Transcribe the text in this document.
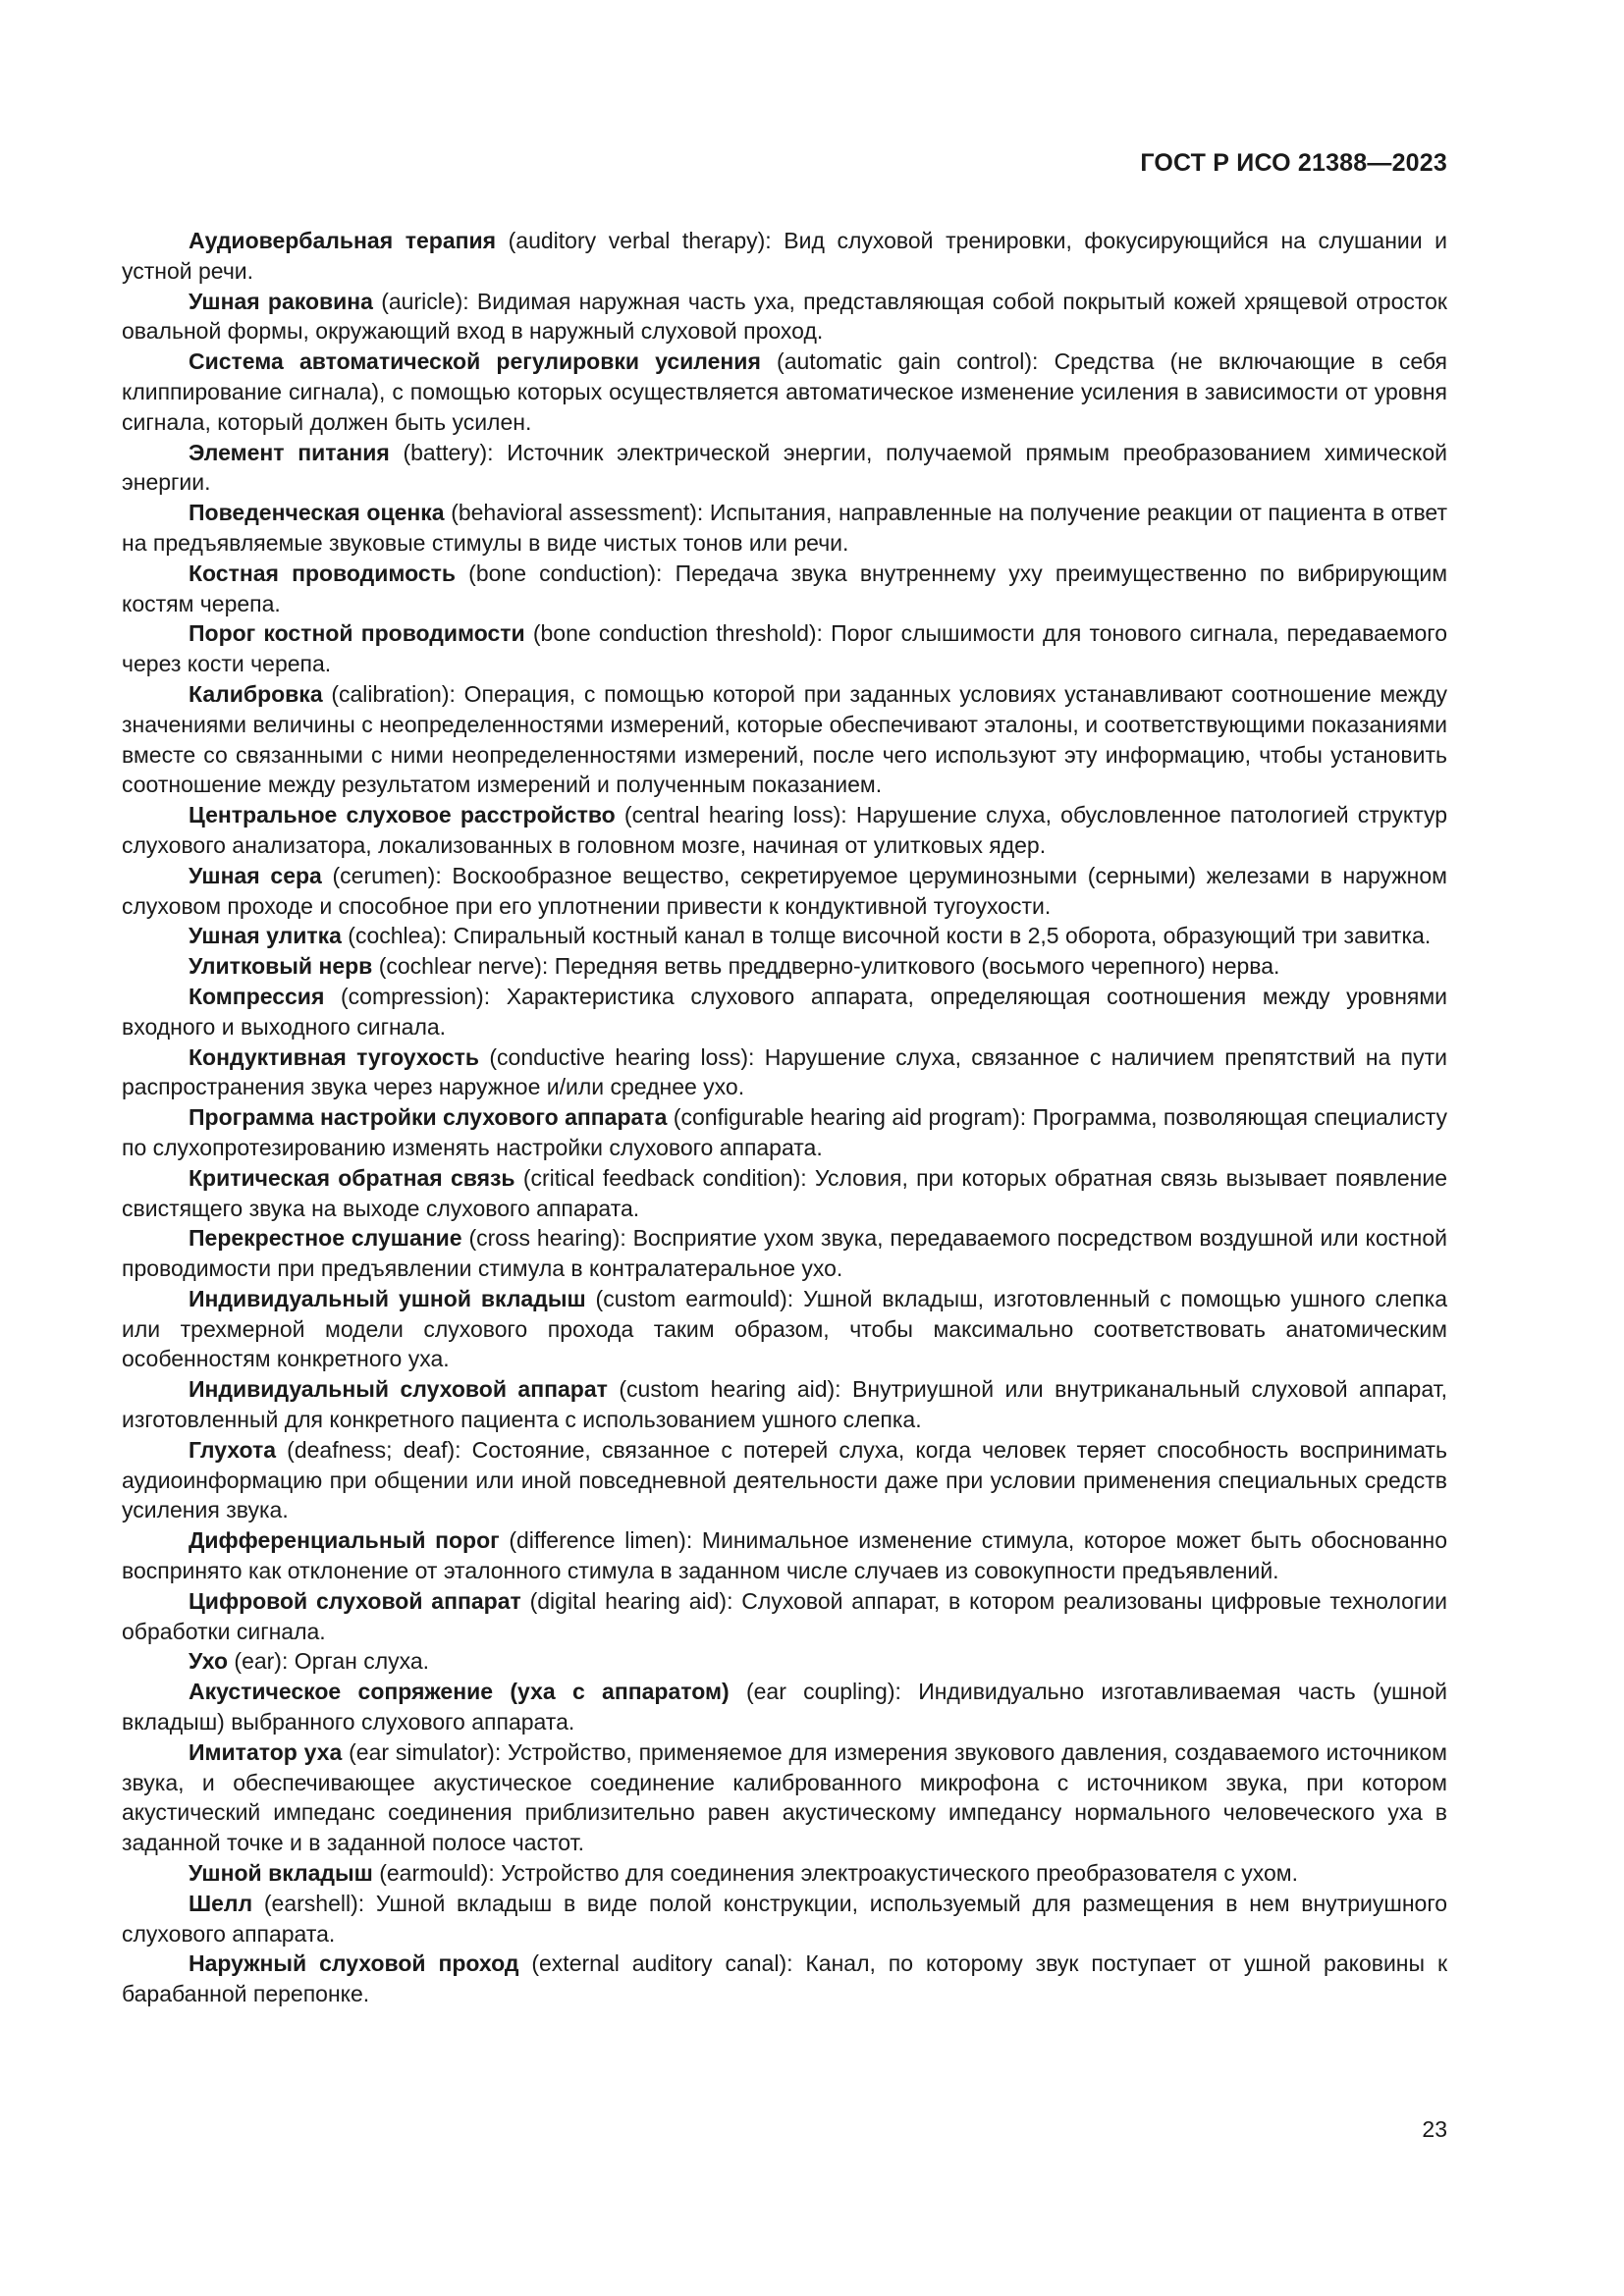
ГОСТ Р ИСО 21388—2023

Аудиовербальная терапия (auditory verbal therapy): Вид слуховой тренировки, фокусирующийся на слушании и устной речи.

Ушная раковина (auricle): Видимая наружная часть уха, представляющая собой покрытый кожей хрящевой отросток овальной формы, окружающий вход в наружный слуховой проход.

Система автоматической регулировки усиления (automatic gain control): Средства (не включающие в себя клиппирование сигнала), с помощью которых осуществляется автоматическое изменение усиления в зависимости от уровня сигнала, который должен быть усилен.

Элемент питания (battery): Источник электрической энергии, получаемой прямым преобразованием химической энергии.

Поведенческая оценка (behavioral assessment): Испытания, направленные на получение реакции от пациента в ответ на предъявляемые звуковые стимулы в виде чистых тонов или речи.

Костная проводимость (bone conduction): Передача звука внутреннему уху преимущественно по вибрирующим костям черепа.

Порог костной проводимости (bone conduction threshold): Порог слышимости для тонового сигнала, передаваемого через кости черепа.

Калибровка (calibration): Операция, с помощью которой при заданных условиях устанавливают соотношение между значениями величины с неопределенностями измерений, которые обеспечивают эталоны, и соответствующими показаниями вместе со связанными с ними неопределенностями измерений, после чего используют эту информацию, чтобы установить соотношение между результатом измерений и полученным показанием.

Центральное слуховое расстройство (central hearing loss): Нарушение слуха, обусловленное патологией структур слухового анализатора, локализованных в головном мозге, начиная от улитковых ядер.

Ушная сера (cerumen): Воскообразное вещество, секретируемое церуминозными (серными) железами в наружном слуховом проходе и способное при его уплотнении привести к кондуктивной тугоухости.

Ушная улитка (cochlea): Спиральный костный канал в толще височной кости в 2,5 оборота, образующий три завитка.

Улитковый нерв (cochlear nerve): Передняя ветвь преддверно-улиткового (восьмого черепного) нерва.

Компрессия (compression): Характеристика слухового аппарата, определяющая соотношения между уровнями входного и выходного сигнала.

Кондуктивная тугоухость (conductive hearing loss): Нарушение слуха, связанное с наличием препятствий на пути распространения звука через наружное и/или среднее ухо.

Программа настройки слухового аппарата (configurable hearing aid program): Программа, позволяющая специалисту по слухопротезированию изменять настройки слухового аппарата.

Критическая обратная связь (critical feedback condition): Условия, при которых обратная связь вызывает появление свистящего звука на выходе слухового аппарата.

Перекрестное слушание (cross hearing): Восприятие ухом звука, передаваемого посредством воздушной или костной проводимости при предъявлении стимула в контралатеральное ухо.

Индивидуальный ушной вкладыш (custom earmould): Ушной вкладыш, изготовленный с помощью ушного слепка или трехмерной модели слухового прохода таким образом, чтобы максимально соответствовать анатомическим особенностям конкретного уха.

Индивидуальный слуховой аппарат (custom hearing aid): Внутриушной или внутриканальный слуховой аппарат, изготовленный для конкретного пациента с использованием ушного слепка.

Глухота (deafness; deaf): Состояние, связанное с потерей слуха, когда человек теряет способность воспринимать аудиоинформацию при общении или иной повседневной деятельности даже при условии применения специальных средств усиления звука.

Дифференциальный порог (difference limen): Минимальное изменение стимула, которое может быть обоснованно воспринято как отклонение от эталонного стимула в заданном числе случаев из совокупности предъявлений.

Цифровой слуховой аппарат (digital hearing aid): Слуховой аппарат, в котором реализованы цифровые технологии обработки сигнала.

Ухо (ear): Орган слуха.

Акустическое сопряжение (уха с аппаратом) (ear coupling): Индивидуально изготавливаемая часть (ушной вкладыш) выбранного слухового аппарата.

Имитатор уха (ear simulator): Устройство, применяемое для измерения звукового давления, создаваемого источником звука, и обеспечивающее акустическое соединение калиброванного микрофона с источником звука, при котором акустический импеданс соединения приблизительно равен акустическому импедансу нормального человеческого уха в заданной точке и в заданной полосе частот.

Ушной вкладыш (earmould): Устройство для соединения электроакустического преобразователя с ухом.

Шелл (earshell): Ушной вкладыш в виде полой конструкции, используемый для размещения в нем внутриушного слухового аппарата.

Наружный слуховой проход (external auditory canal): Канал, по которому звук поступает от ушной раковины к барабанной перепонке.

23
